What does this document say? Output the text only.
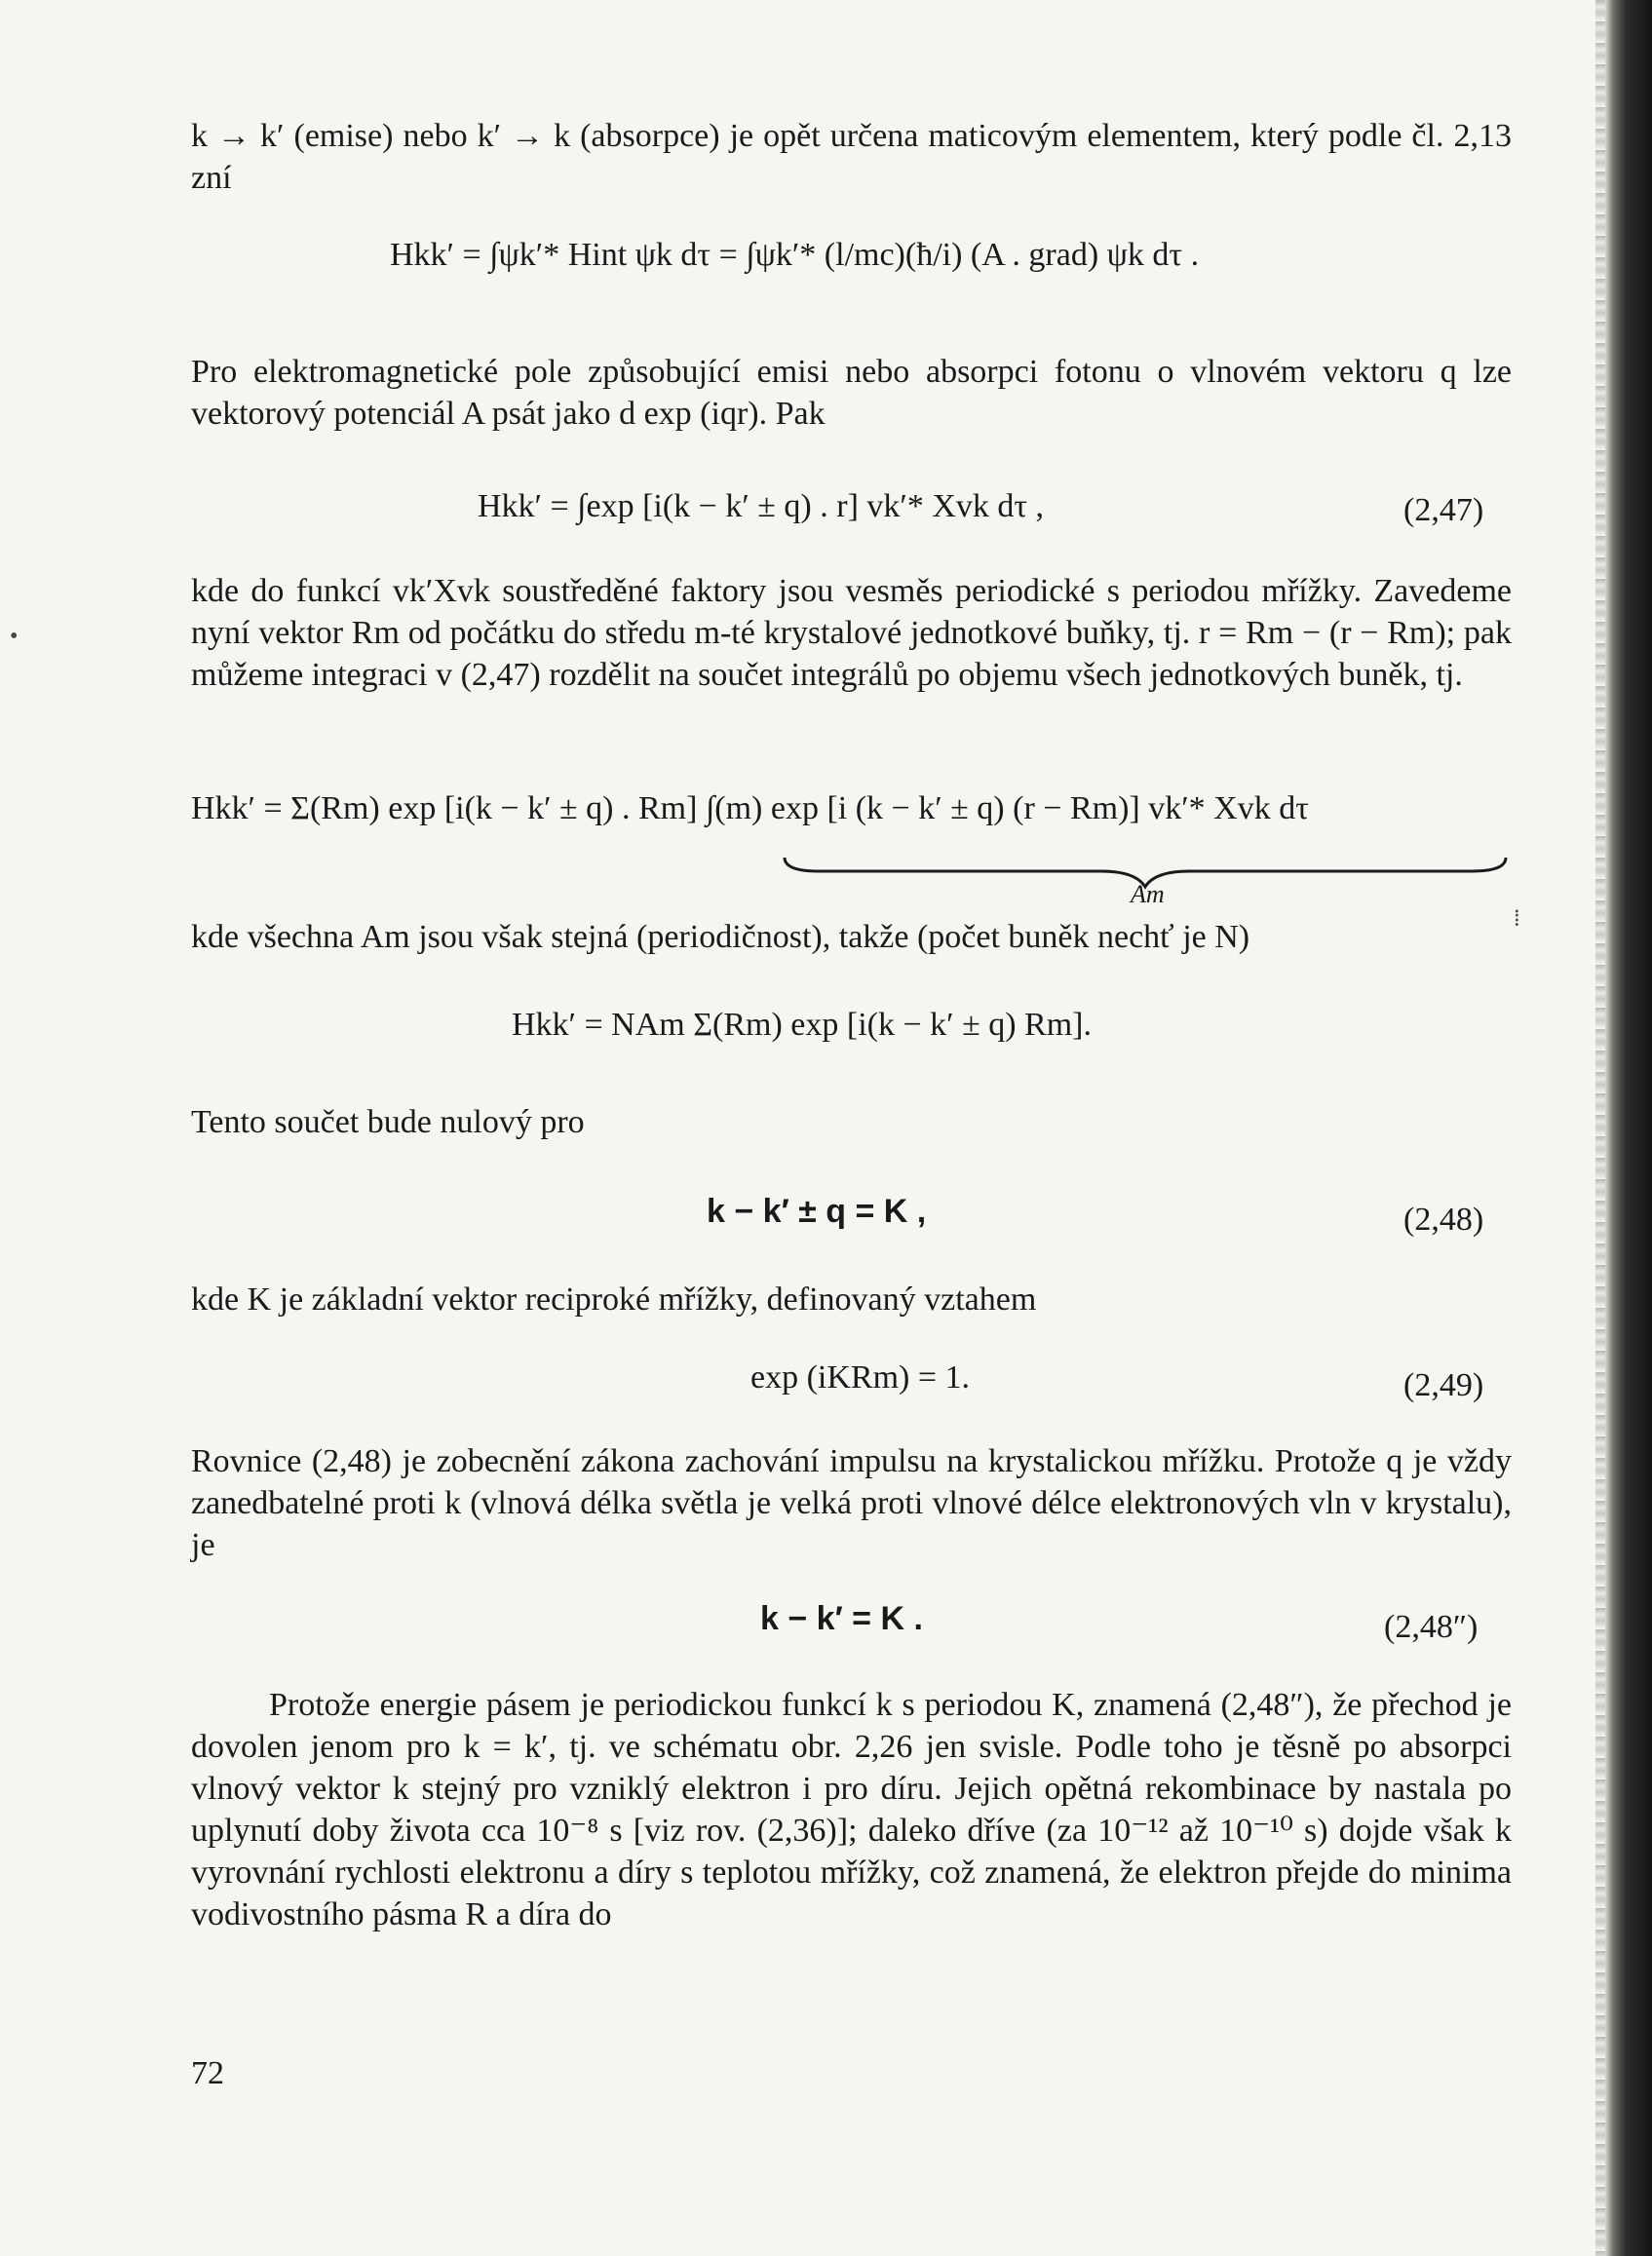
k → k′ (emise) nebo k′ → k (absorpce) je opět určena maticovým elementem, který podle čl. 2,13 zní

Hkk′ = ∫ψk′* Hint ψk dτ = ∫ψk′* (l/mc)(ħ/i) (A . grad) ψk dτ .

Pro elektromagnetické pole způsobující emisi nebo absorpci fotonu o vlnovém vektoru q lze vektorový potenciál A psát jako d exp (iqr). Pak

Hkk′ = ∫exp [i(k − k′ ± q) . r] vk′* Xvk dτ ,	(2,47)

kde do funkcí vk′Xvk soustředěné faktory jsou vesměs periodické s periodou mřížky. Zavedeme nyní vektor Rm od počátku do středu m-té krystalové jednotkové buňky, tj. r = Rm − (r − Rm); pak můžeme integraci v (2,47) rozdělit na součet integrálů po objemu všech jednotkových buněk, tj.

Hkk′ = Σ(Rm) exp [i(k − k′ ± q) . Rm] ∫(m) exp [i (k − k′ ± q) (r − Rm)] vk′* Xvk dτ
Am

kde všechna Am jsou však stejná (periodičnost), takže (počet buněk nechť je N)

Hkk′ = NAm Σ(Rm) exp [i(k − k′ ± q) Rm].

Tento součet bude nulový pro

k − k′ ± q = K ,	(2,48)

kde K je základní vektor reciproké mřížky, definovaný vztahem

exp (iKRm) = 1.	(2,49)

Rovnice (2,48) je zobecnění zákona zachování impulsu na krystalickou mřížku. Protože q je vždy zanedbatelné proti k (vlnová délka světla je velká proti vlnové délce elektronových vln v krystalu), je

k − k′ = K .	(2,48″)

Protože energie pásem je periodickou funkcí k s periodou K, znamená (2,48″), že přechod je dovolen jenom pro k = k′, tj. ve schématu obr. 2,26 jen svisle. Podle toho je těsně po absorpci vlnový vektor k stejný pro vzniklý elektron i pro díru. Jejich opětná rekombinace by nastala po uplynutí doby života cca 10⁻⁸ s [viz rov. (2,36)]; daleko dříve (za 10⁻¹² až 10⁻¹⁰ s) dojde však k vyrovnání rychlosti elektronu a díry s teplotou mřížky, což znamená, že elektron přejde do minima vodivostního pásma R a díra do

72
•
⁞
